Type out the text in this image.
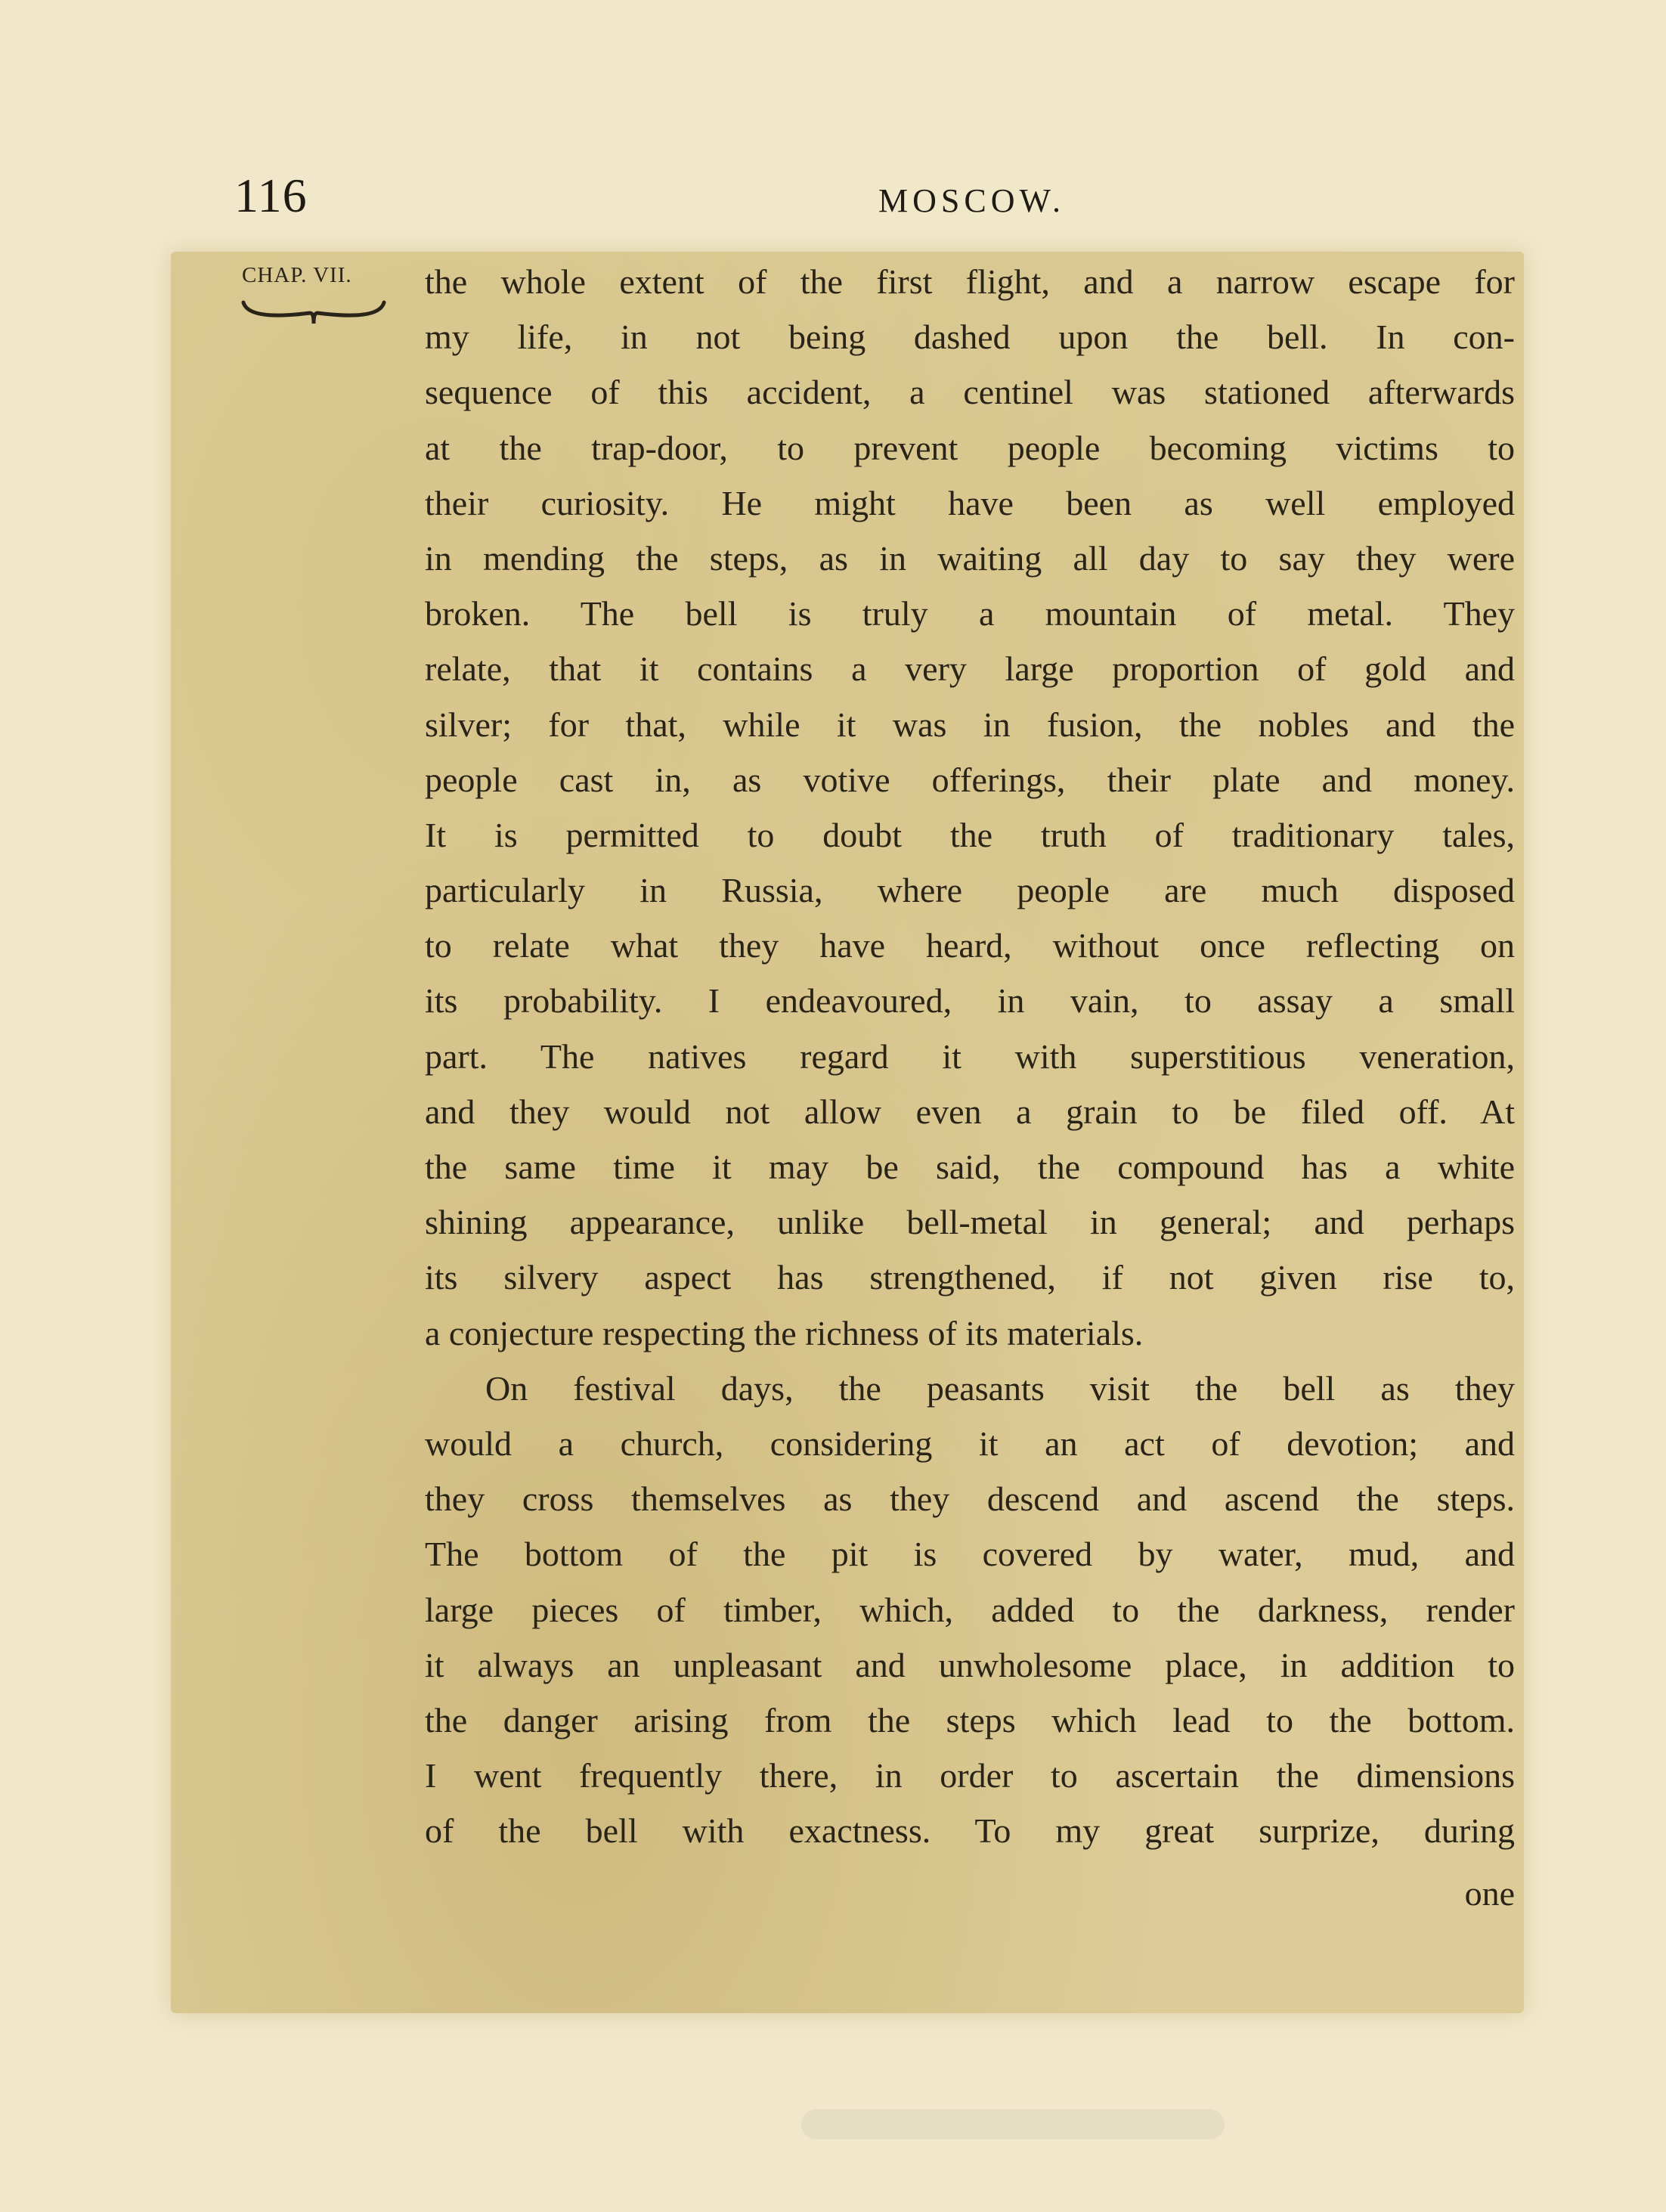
116	MOSCOW.
CHAP. VII. the whole extent of the first flight, and a narrow escape for
my life, in not being dashed upon the bell. In con-
sequence of this accident, a centinel was stationed afterwards
at the trap-door, to prevent people becoming victims to
their curiosity. He might have been as well employed
in mending the steps, as in waiting all day to say they were
broken. The bell is truly a mountain of metal. They
relate, that it contains a very large proportion of gold and
silver; for that, while it was in fusion, the nobles and the
people cast in, as votive offerings, their plate and money.
It is permitted to doubt the truth of traditionary tales,
particularly in Russia, where people are much disposed
to relate what they have heard, without once reflecting on
its probability. I endeavoured, in vain, to assay a small
part. The natives regard it with superstitious veneration,
and they would not allow even a grain to be filed off. At
the same time it may be said, the compound has a white
shining appearance, unlike bell-metal in general; and perhaps
its silvery aspect has strengthened, if not given rise to,
a conjecture respecting the richness of its materials.
On festival days, the peasants visit the bell as they
would a church, considering it an act of devotion; and
they cross themselves as they descend and ascend the steps.
The bottom of the pit is covered by water, mud, and
large pieces of timber, which, added to the darkness, render
it always an unpleasant and unwholesome place, in addition to
the danger arising from the steps which lead to the bottom.
I went frequently there, in order to ascertain the dimensions
of the bell with exactness. To my great surprize, during
one
